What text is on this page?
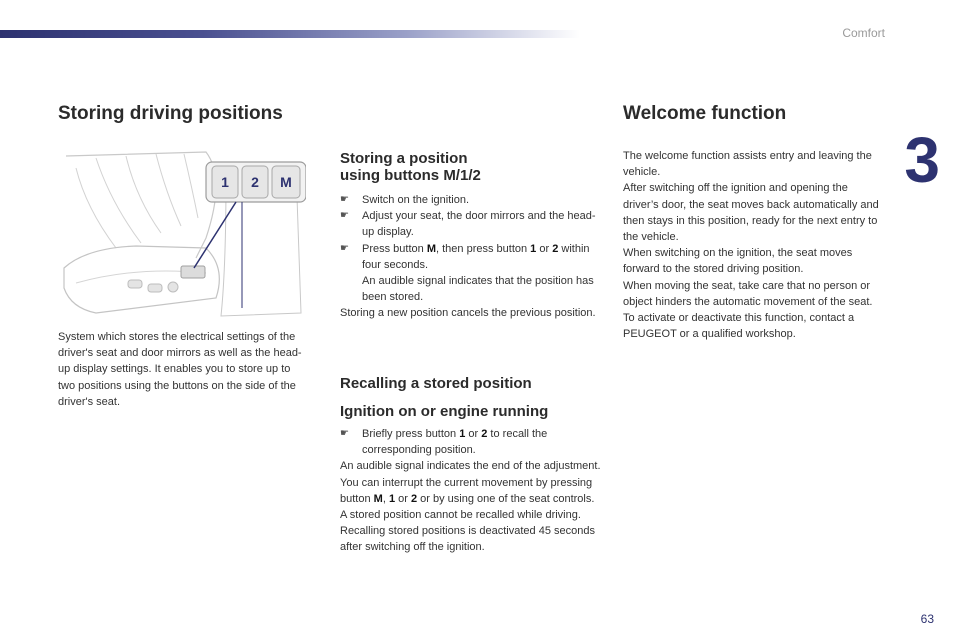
Comfort
3
63
Storing driving positions
1 2 M
System which stores the electrical settings of the driver's seat and door mirrors as well as the head-up display settings. It enables you to store up to two positions using the buttons on the side of the driver's seat.
Storing a position
using buttons M/1/2
☛ Switch on the ignition.
☛ Adjust your seat, the door mirrors and the head-up display.
☛ Press button M, then press button 1 or 2 within four seconds.
An audible signal indicates that the position has been stored.
Storing a new position cancels the previous position.
Recalling a stored position
Ignition on or engine running
☛ Briefly press button 1 or 2 to recall the corresponding position.
An audible signal indicates the end of the adjustment.
You can interrupt the current movement by pressing button M, 1 or 2 or by using one of the seat controls.
A stored position cannot be recalled while driving.
Recalling stored positions is deactivated 45 seconds after switching off the ignition.
Welcome function
The welcome function assists entry and leaving the vehicle.
After switching off the ignition and opening the driver’s door, the seat moves back automatically and then stays in this position, ready for the next entry to the vehicle.
When switching on the ignition, the seat moves forward to the stored driving position.
When moving the seat, take care that no person or object hinders the automatic movement of the seat.
To activate or deactivate this function, contact a PEUGEOT or a qualified workshop.
